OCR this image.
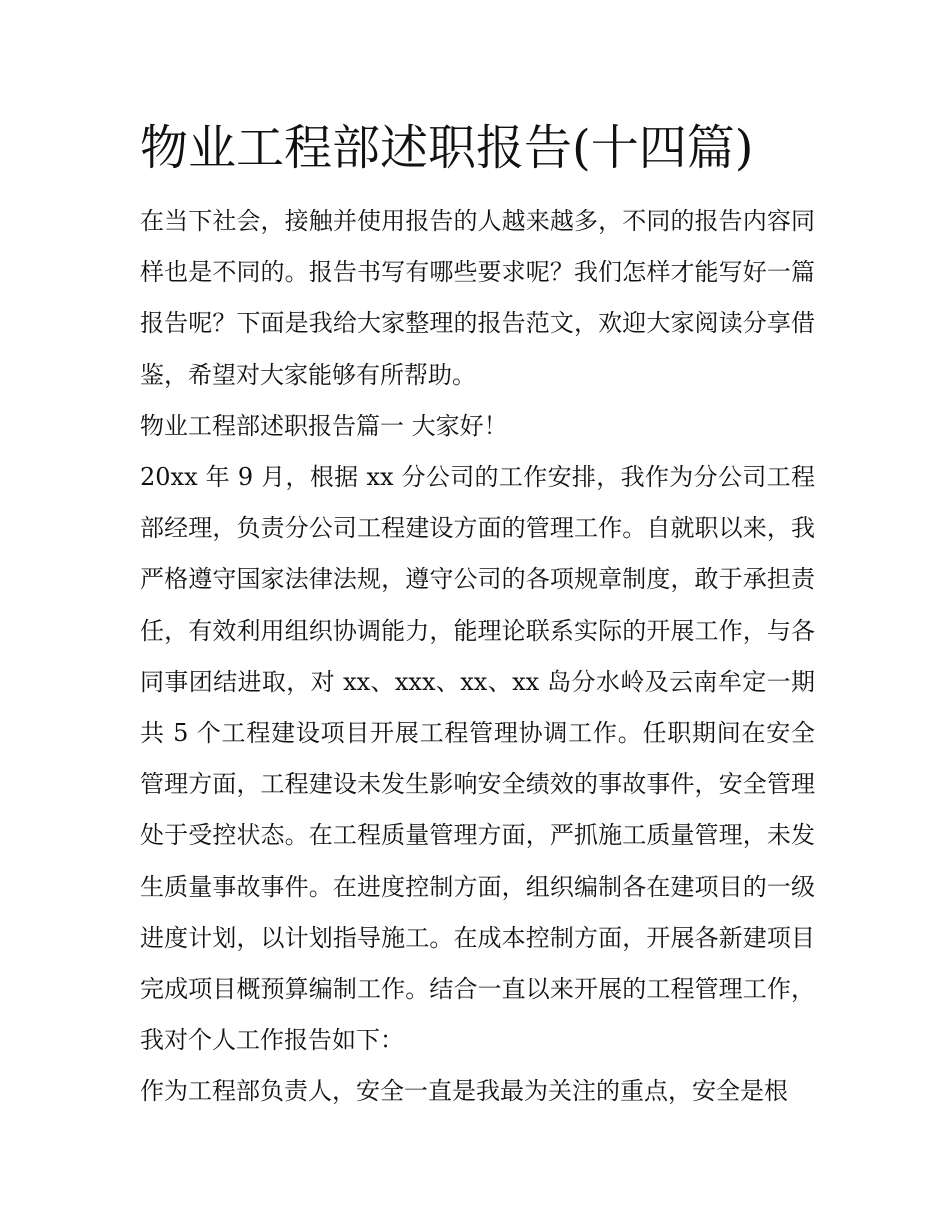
物业工程部述职报告(十四篇)

在当下社会，接触并使用报告的人越来越多，不同的报告内容同样也是不同的。报告书写有哪些要求呢？我们怎样才能写好一篇报告呢？下面是我给大家整理的报告范文，欢迎大家阅读分享借鉴，希望对大家能够有所帮助。

物业工程部述职报告篇一 大家好！

20xx 年 9 月，根据 xx 分公司的工作安排，我作为分公司工程部经理，负责分公司工程建设方面的管理工作。自就职以来，我严格遵守国家法律法规，遵守公司的各项规章制度，敢于承担责任，有效利用组织协调能力，能理论联系实际的开展工作，与各同事团结进取，对 xx、xxx、xx、xx 岛分水岭及云南牟定一期共 5 个工程建设项目开展工程管理协调工作。任职期间在安全管理方面，工程建设未发生影响安全绩效的事故事件，安全管理处于受控状态。在工程质量管理方面，严抓施工质量管理，未发生质量事故事件。在进度控制方面，组织编制各在建项目的一级进度计划，以计划指导施工。在成本控制方面，开展各新建项目完成项目概预算编制工作。结合一直以来开展的工程管理工作，我对个人工作报告如下：

作为工程部负责人，安全一直是我最为关注的重点，安全是根
